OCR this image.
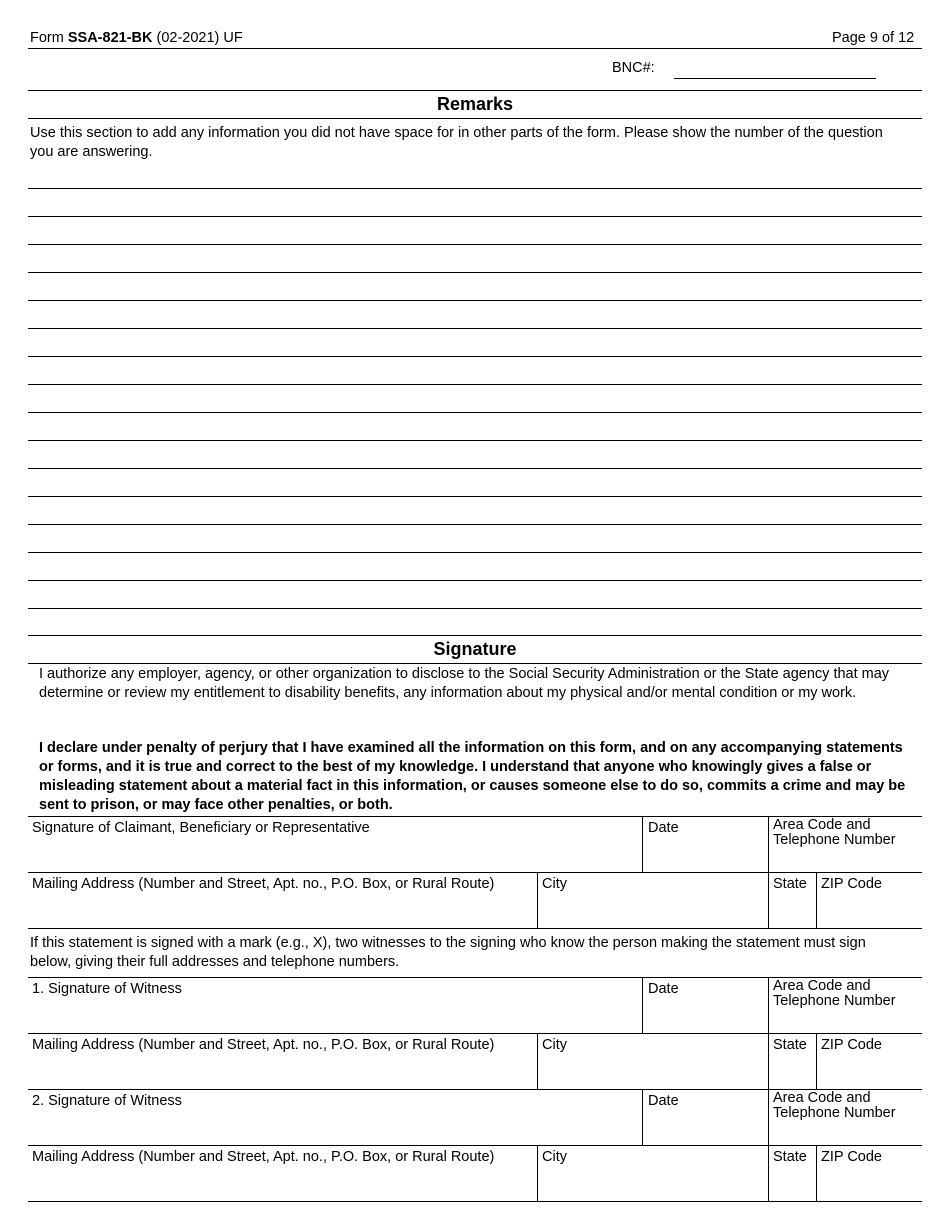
Form SSA-821-BK (02-2021) UF	Page 9 of 12
BNC#:
Remarks
Use this section to add any information you did not have space for in other parts of the form. Please show the number of the question you are answering.
Signature
I authorize any employer, agency, or other organization to disclose to the Social Security Administration or the State agency that may determine or review my entitlement to disability benefits, any information about my physical and/or mental condition or my work.
I declare under penalty of perjury that I have examined all the information on this form, and on any accompanying statements or forms, and it is true and correct to the best of my knowledge. I understand that anyone who knowingly gives a false or misleading statement about a material fact in this information, or causes someone else to do so, commits a crime and may be sent to prison, or may face other penalties, or both.
Signature of Claimant, Beneficiary or Representative	Date	Area Code and
Telephone Number
Mailing Address (Number and Street, Apt. no., P.O. Box, or Rural Route)	City	State ZIP Code
If this statement is signed with a mark (e.g., X), two witnesses to the signing who know the person making the statement must sign below, giving their full addresses and telephone numbers.
1. Signature of Witness	Date	Area Code and
Telephone Number
Mailing Address (Number and Street, Apt. no., P.O. Box, or Rural Route)	City	State ZIP Code
2. Signature of Witness	Date	Area Code and
Telephone Number
Mailing Address (Number and Street, Apt. no., P.O. Box, or Rural Route)	City	State ZIP Code
